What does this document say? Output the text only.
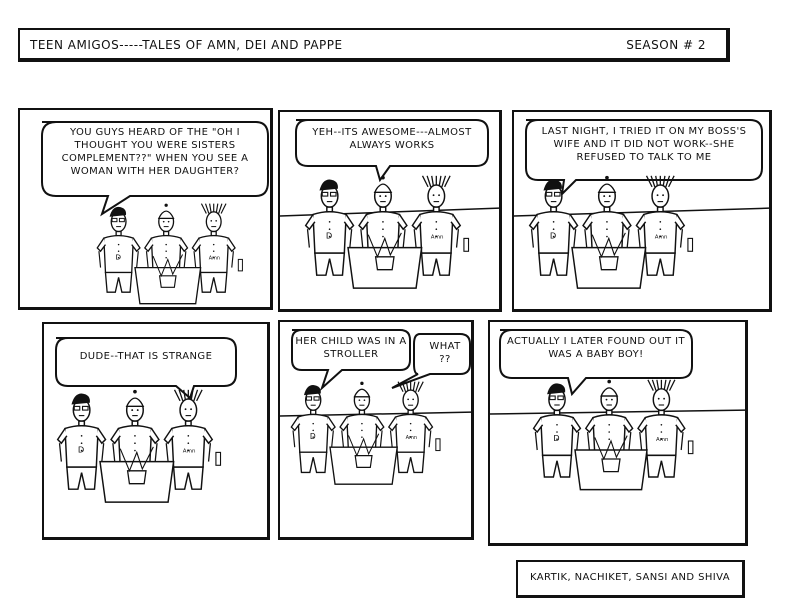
TEEN AMIGOS-----TALES OF AMN, DEI AND PAPPE	SEASON # 2
D	Amn
YOU GUYS HEARD OF THE "OH I THOUGHT YOU WERE SISTERS COMPLEMENT??" WHEN YOU SEE A WOMAN WITH HER DAUGHTER?
D	Amn
YEH--ITS AWESOME---ALMOST ALWAYS WORKS
D	Amn
LAST NIGHT, I TRIED IT ON MY BOSS'S WIFE AND IT DID NOT WORK--SHE REFUSED TO TALK TO ME
D	Amn
DUDE--THAT IS STRANGE
D	Amn
HER CHILD WAS IN A STROLLER
WHAT ??
D	Amn
ACTUALLY I LATER FOUND OUT IT WAS A BABY BOY!
KARTIK, NACHIKET, SANSI AND SHIVA
